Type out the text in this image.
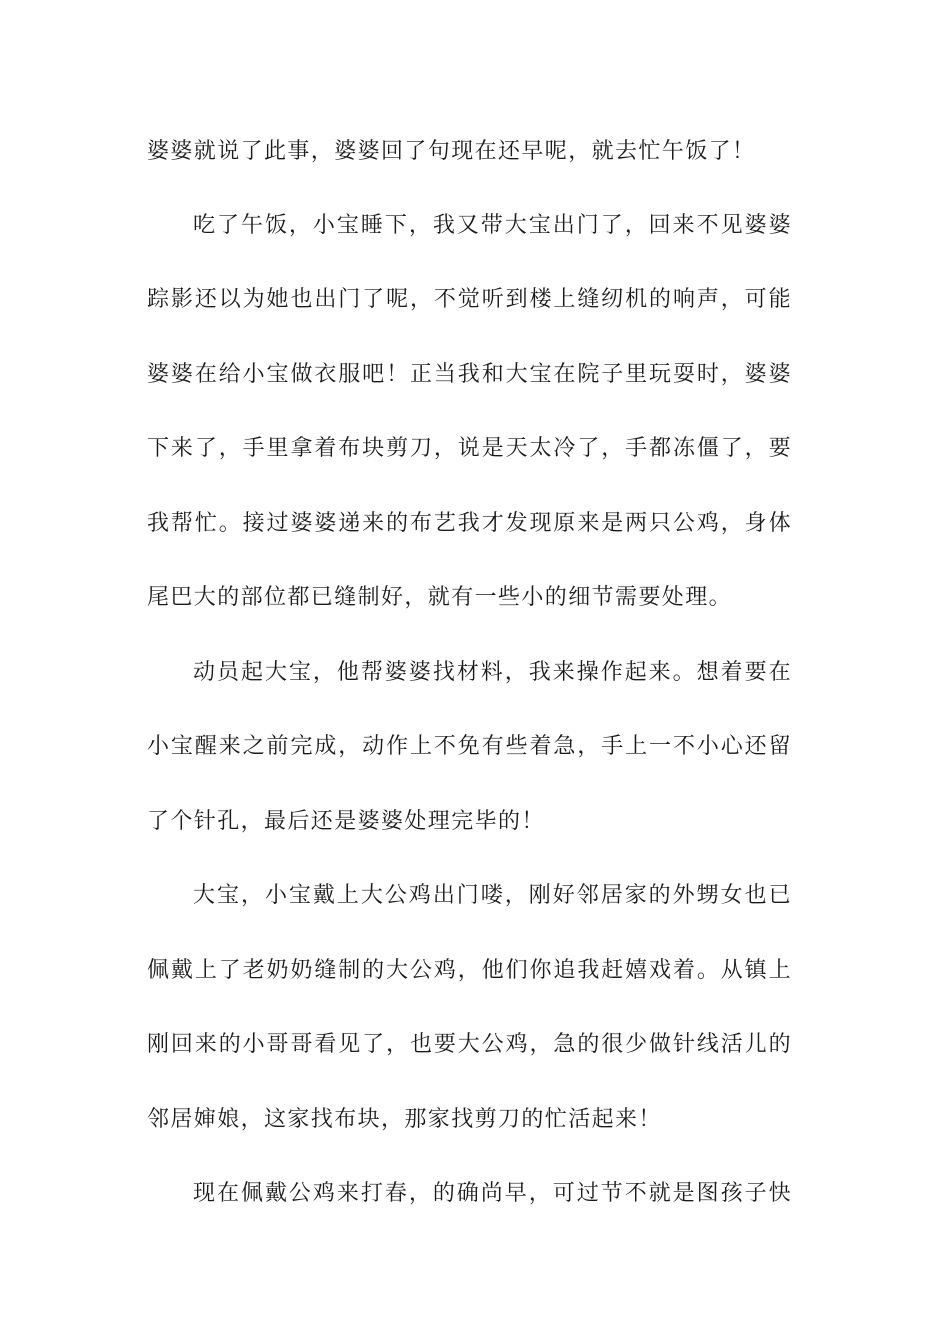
婆婆就说了此事，婆婆回了句现在还早呢，就去忙午饭了！
吃了午饭，小宝睡下，我又带大宝出门了，回来不见婆婆
踪影还以为她也出门了呢，不觉听到楼上缝纫机的响声，可能
婆婆在给小宝做衣服吧！正当我和大宝在院子里玩耍时，婆婆
下来了，手里拿着布块剪刀，说是天太冷了，手都冻僵了，要
我帮忙。接过婆婆递来的布艺我才发现原来是两只公鸡，身体
尾巴大的部位都已缝制好，就有一些小的细节需要处理。
动员起大宝，他帮婆婆找材料，我来操作起来。想着要在
小宝醒来之前完成，动作上不免有些着急，手上一不小心还留
了个针孔，最后还是婆婆处理完毕的！
大宝，小宝戴上大公鸡出门喽，刚好邻居家的外甥女也已
佩戴上了老奶奶缝制的大公鸡，他们你追我赶嬉戏着。从镇上
刚回来的小哥哥看见了，也要大公鸡，急的很少做针线活儿的
邻居婶娘，这家找布块，那家找剪刀的忙活起来！
现在佩戴公鸡来打春，的确尚早，可过节不就是图孩子快
